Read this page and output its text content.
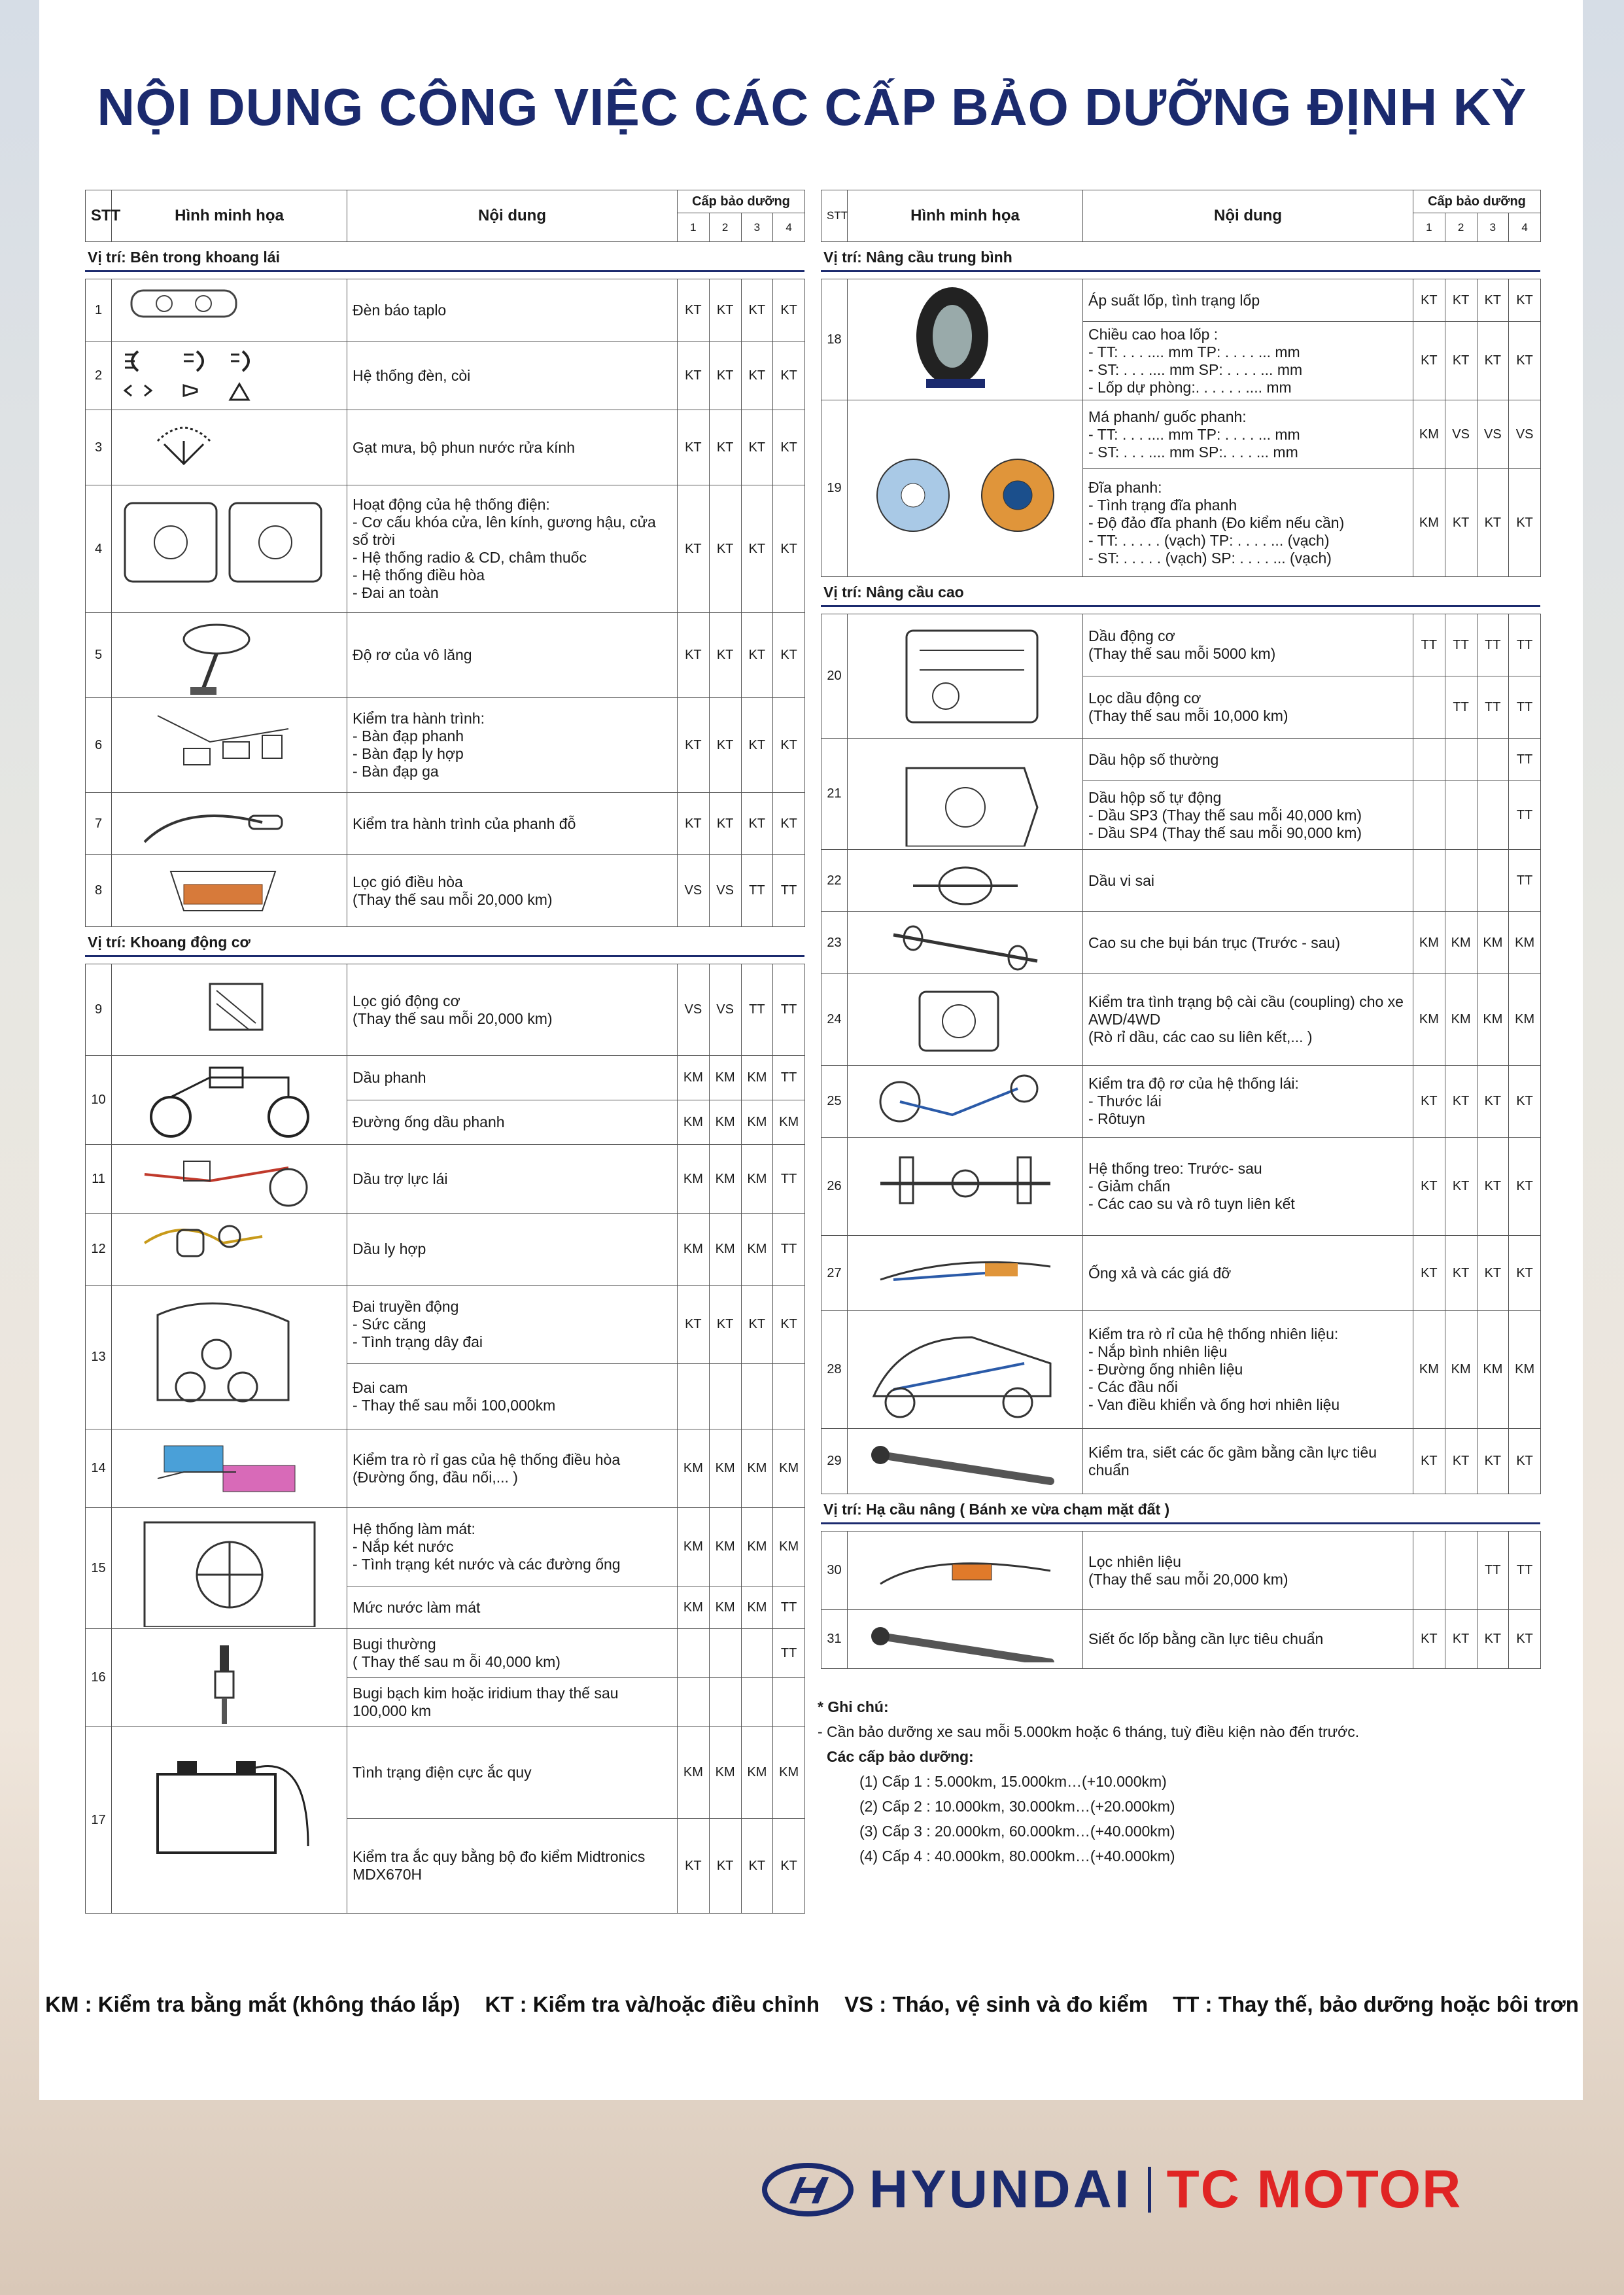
NỘI DUNG CÔNG VIỆC CÁC CẤP BẢO DƯỠNG ĐỊNH KỲ
STT	Hình minh họa	Nội dung	Cấp bảo dưỡng			
			1	2	3	4
Vị trí: Bên trong khoang lái
1		Đèn báo taplo	KT	KT	KT	KT
2		Hệ thống đèn, còi	KT	KT	KT	KT
3		Gạt mưa, bộ phun nước rửa kính	KT	KT	KT	KT
4		Hoạt động của hệ thống điện:
- Cơ cấu khóa cửa, lên kính, gương hậu, cửa sổ trời
- Hệ thống radio & CD, châm thuốc
- Hệ thống điều hòa
- Đai an toàn	KT	KT	KT	KT
5		Độ rơ của vô lăng	KT	KT	KT	KT
6		Kiểm tra hành trình:
- Bàn đạp phanh
- Bàn đạp ly hợp
- Bàn đạp ga	KT	KT	KT	KT
7		Kiểm tra hành trình của phanh đỗ	KT	KT	KT	KT
8		Lọc gió điều hòa
(Thay thế sau mỗi 20,000 km)	VS	VS	TT	TT
Vị trí: Khoang động cơ
9		Lọc gió động cơ
(Thay thế sau mỗi 20,000 km)	VS	VS	TT	TT
10		Dầu phanh	KM	KM	KM	TT
		Đường ống dầu phanh	KM	KM	KM	KM
11		Dầu trợ lực lái	KM	KM	KM	TT
12		Dầu ly hợp	KM	KM	KM	TT
13		Đai truyền động
- Sức căng
- Tình trạng dây đai	KT	KT	KT	KT
		Đai cam
- Thay thế sau mỗi 100,000km				
14		Kiểm tra rò rỉ gas của hệ thống điều hòa (Đường ống, đầu nối,... )	KM	KM	KM	KM
15		Hệ thống làm mát:
- Nắp két nước
- Tình trạng két nước và các đường ống	KM	KM	KM	KM
		Mức nước làm mát	KM	KM	KM	TT
16		Bugi thường
( Thay thế sau m ỗi 40,000 km)				TT
		Bugi bạch kim hoặc iridium thay thế sau 100,000 km				
17		Tình trạng điện cực ắc quy	KM	KM	KM	KM
		Kiểm tra ắc quy bằng bộ đo kiểm Midtronics MDX670H	KT	KT	KT	KT
STT	Hình minh họa	Nội dung	Cấp bảo dưỡng			
			1	2	3	4
Vị trí: Nâng cầu trung bình
18		Áp suất lốp, tình trạng lốp	KT	KT	KT	KT
		Chiều cao hoa lốp :
- TT: . . . .... mm TP: . . . . ... mm
- ST: . . . .... mm SP: . . . . ... mm
- Lốp dự phòng:. . . . . . .... mm	KT	KT	KT	KT
19		Má phanh/ guốc phanh:
- TT: . . . .... mm TP: . . . . ... mm
- ST: . . . .... mm SP:. . . . ... mm	KM	VS	VS	VS
		Đĩa phanh:
- Tình trạng đĩa phanh
- Độ đảo đĩa phanh (Đo kiểm nếu cần)
- TT: . . . . . (vạch) TP: . . . . ... (vạch)
- ST: . . . . . (vạch) SP: . . . . ... (vạch)	KM	KT	KT	KT
Vị trí: Nâng cầu cao
20		Dầu động cơ
(Thay thế sau mỗi 5000 km)	TT	TT	TT	TT
		Lọc dầu động cơ
(Thay thế sau mỗi 10,000 km)		TT	TT	TT
21		Dầu hộp số thường				TT
		Dầu hộp số tự động
- Dầu SP3 (Thay thế sau mỗi 40,000 km)
- Dầu SP4 (Thay thế sau mỗi 90,000 km)				TT
22		Dầu vi sai				TT
23		Cao su che bụi bán trục (Trước - sau)	KM	KM	KM	KM
24		Kiểm tra tình trạng bộ cài cầu (coupling) cho xe AWD/4WD
(Rò rỉ dầu, các cao su liên kết,... )	KM	KM	KM	KM
25		Kiểm tra độ rơ của hệ thống lái:
- Thước lái
- Rôtuyn	KT	KT	KT	KT
26		Hệ thống treo: Trước- sau
- Giảm chấn
- Các cao su và rô tuyn liên kết	KT	KT	KT	KT
27		Ống xả và các giá đỡ	KT	KT	KT	KT
28		Kiểm tra rò rỉ của hệ thống nhiên liệu:
- Nắp bình nhiên liệu
- Đường ống nhiên liệu
- Các đầu nối
- Van điều khiển và ống hơi nhiên liệu	KM	KM	KM	KM
29		Kiểm tra, siết các ốc gầm bằng cần lực tiêu chuẩn	KT	KT	KT	KT
Vị trí: Hạ cầu nâng ( Bánh xe vừa chạm mặt đất )
30		Lọc nhiên liệu
(Thay thế sau mỗi 20,000 km)			TT	TT
31		Siết ốc lốp bằng cần lực tiêu chuẩn	KT	KT	KT	KT
* Ghi chú:
- Cần bảo dưỡng xe sau mỗi 5.000km hoặc 6 tháng, tuỳ điều kiện nào đến trước.
Các cấp bảo dưỡng:
(1) Cấp 1 : 5.000km, 15.000km…(+10.000km)
(2) Cấp 2 : 10.000km, 30.000km…(+20.000km)
(3) Cấp 3 : 20.000km, 60.000km…(+40.000km)
(4) Cấp 4 : 40.000km, 80.000km…(+40.000km)
KM : Kiểm tra bằng mắt (không tháo lắp) KT : Kiểm tra và/hoặc điều chỉnh VS : Tháo, vệ sinh và đo kiểm TT : Thay thế, bảo dưỡng hoặc bôi trơn
HYUNDAI TC MOTOR
